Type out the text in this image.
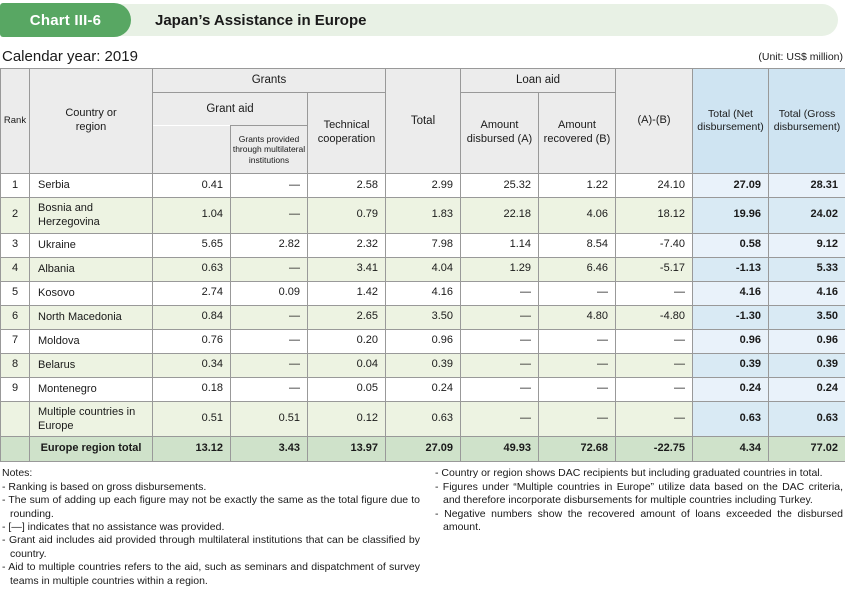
Chart III-6	Japan’s Assistance in Europe
Calendar year: 2019	(Unit: US$ million)
Rank	Country or region	Grants			Total	Loan aid		(A)-(B)	Total (Net disbursement)	Total (Gross disbursement)
		Grant aid		Technical cooperation		Amount disbursed (A)	Amount recovered (B)			
			Grants provided through multilateral institutions							
1	Serbia	0.41	—	2.58	2.99	25.32	1.22	24.10	27.09	28.31
2	Bosnia and Herzegovina	1.04	—	0.79	1.83	22.18	4.06	18.12	19.96	24.02
3	Ukraine	5.65	2.82	2.32	7.98	1.14	8.54	-7.40	0.58	9.12
4	Albania	0.63	—	3.41	4.04	1.29	6.46	-5.17	-1.13	5.33
5	Kosovo	2.74	0.09	1.42	4.16	—	—	—	4.16	4.16
6	North Macedonia	0.84	—	2.65	3.50	—	4.80	-4.80	-1.30	3.50
7	Moldova	0.76	—	0.20	0.96	—	—	—	0.96	0.96
8	Belarus	0.34	—	0.04	0.39	—	—	—	0.39	0.39
9	Montenegro	0.18	—	0.05	0.24	—	—	—	0.24	0.24
	Multiple countries in Europe	0.51	0.51	0.12	0.63	—	—	—	0.63	0.63
	Europe region total	13.12	3.43	13.97	27.09	49.93	72.68	-22.75	4.34	77.02
Notes:
- Ranking is based on gross disbursements.
- The sum of adding up each figure may not be exactly the same as the total figure due to rounding.
- [—] indicates that no assistance was provided.
- Grant aid includes aid provided through multilateral institutions that can be classified by country.
- Aid to multiple countries refers to the aid, such as seminars and dispatchment of survey teams in multiple countries within a region.
- Country or region shows DAC recipients but including graduated countries in total.
- Figures under “Multiple countries in Europe” utilize data based on the DAC criteria, and therefore incorporate disbursements for multiple countries including Turkey.
- Negative numbers show the recovered amount of loans exceeded the disbursed amount.
